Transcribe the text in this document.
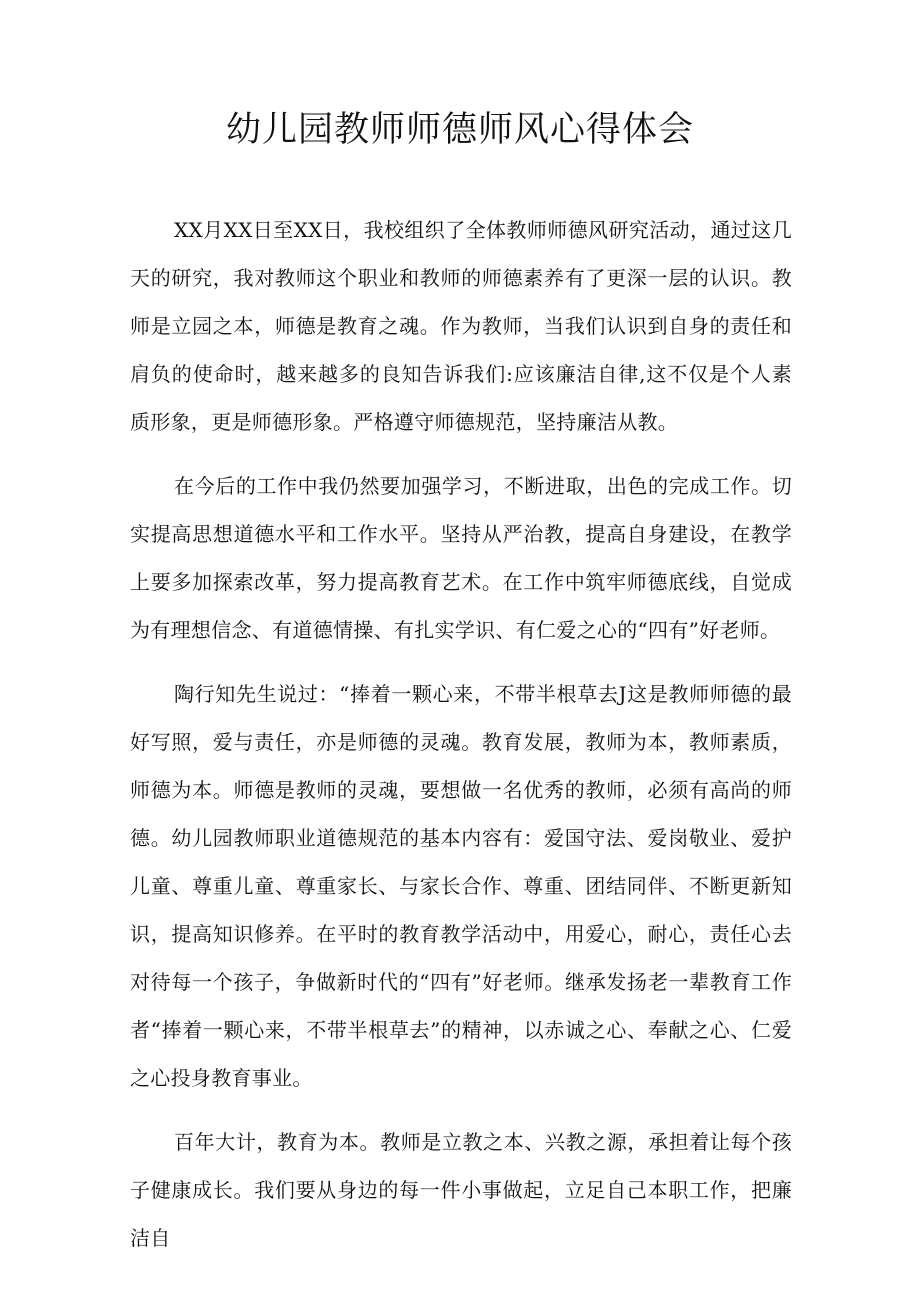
幼儿园教师师德师风心得体会

XX月XX日至XX日，我校组织了全体教师师德风研究活动，通过这几天的研究，我对教师这个职业和教师的师德素养有了更深一层的认识。教师是立园之本，师德是教育之魂。作为教师，当我们认识到自身的责任和肩负的使命时，越来越多的良知告诉我们:应该廉洁自律,这不仅是个人素质形象，更是师德形象。严格遵守师德规范，坚持廉洁从教。

在今后的工作中我仍然要加强学习，不断进取，出色的完成工作。切实提高思想道德水平和工作水平。坚持从严治教，提高自身建设，在教学上要多加探索改革，努力提高教育艺术。在工作中筑牢师德底线，自觉成为有理想信念、有道德情操、有扎实学识、有仁爱之心的“四有”好老师。

陶行知先生说过：“捧着一颗心来，不带半根草去J这是教师师德的最好写照，爱与责任，亦是师德的灵魂。教育发展，教师为本，教师素质，师德为本。师德是教师的灵魂，要想做一名优秀的教师，必须有高尚的师德。幼儿园教师职业道德规范的基本内容有：爱国守法、爱岗敬业、爱护儿童、尊重儿童、尊重家长、与家长合作、尊重、团结同伴、不断更新知识，提高知识修养。在平时的教育教学活动中，用爱心，耐心，责任心去对待每一个孩子，争做新时代的“四有”好老师。继承发扬老一辈教育工作者“捧着一颗心来，不带半根草去”的精神，以赤诚之心、奉献之心、仁爱之心投身教育事业。

百年大计，教育为本。教师是立教之本、兴教之源，承担着让每个孩子健康成长。我们要从身边的每一件小事做起，立足自己本职工作，把廉洁自
